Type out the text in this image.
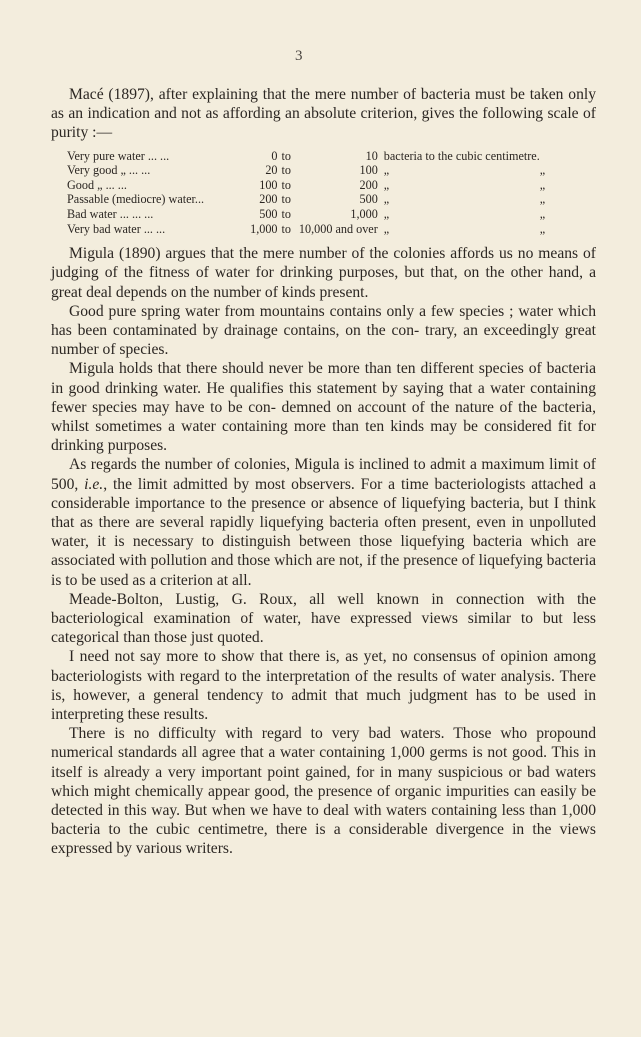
3

Macé (1897), after explaining that the mere number of bacteria must be taken only as an indication and not as affording an absolute criterion, gives the following scale of purity :—

Very pure water ... ...	0	to	10	bacteria to the cubic centimetre.	
Very good „ ... ...	20	to	100	„	„
Good „ ... ...	100	to	200	„	„
Passable (mediocre) water...	200	to	500	„	„
Bad water ... ... ...	500	to	1,000	„	„
Very bad water ... ...	1,000	to	10,000 and over	„	„

Migula (1890) argues that the mere number of the colonies affords us no means of judging of the fitness of water for drinking purposes, but that, on the other hand, a great deal depends on the number of kinds present.

Good pure spring water from mountains contains only a few species ; water which has been contaminated by drainage contains, on the con- trary, an exceedingly great number of species.

Migula holds that there should never be more than ten different species of bacteria in good drinking water. He qualifies this statement by saying that a water containing fewer species may have to be con- demned on account of the nature of the bacteria, whilst sometimes a water containing more than ten kinds may be considered fit for drinking purposes.

As regards the number of colonies, Migula is inclined to admit a maximum limit of 500, i.e., the limit admitted by most observers. For a time bacteriologists attached a considerable importance to the presence or absence of liquefying bacteria, but I think that as there are several rapidly liquefying bacteria often present, even in unpolluted water, it is necessary to distinguish between those liquefying bacteria which are associated with pollution and those which are not, if the presence of liquefying bacteria is to be used as a criterion at all.

Meade-Bolton, Lustig, G. Roux, all well known in connection with the bacteriological examination of water, have expressed views similar to but less categorical than those just quoted.

I need not say more to show that there is, as yet, no consensus of opinion among bacteriologists with regard to the interpretation of the results of water analysis. There is, however, a general tendency to admit that much judgment has to be used in interpreting these results.

There is no difficulty with regard to very bad waters. Those who propound numerical standards all agree that a water containing 1,000 germs is not good. This in itself is already a very important point gained, for in many suspicious or bad waters which might chemically appear good, the presence of organic impurities can easily be detected in this way. But when we have to deal with waters containing less than 1,000 bacteria to the cubic centimetre, there is a considerable divergence in the views expressed by various writers.
